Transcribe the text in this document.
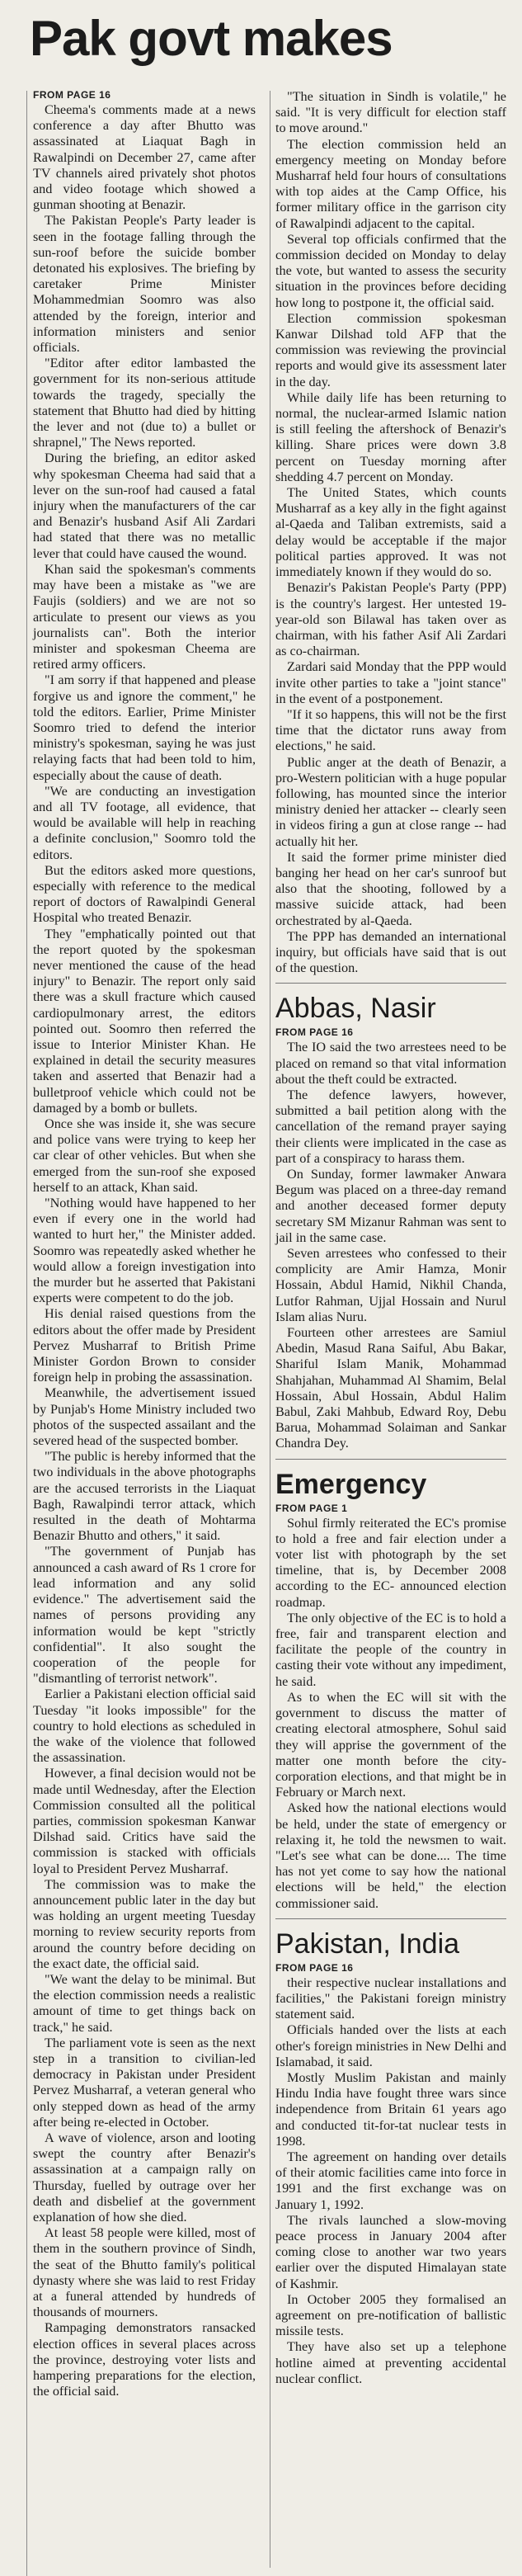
Pak govt makes
FROM PAGE 16

Cheema's comments made at a news conference a day after Bhutto was assassinated at Liaquat Bagh in Rawalpindi on December 27, came after TV channels aired privately shot photos and video footage which showed a gunman shooting at Benazir.

The Pakistan People's Party leader is seen in the footage falling through the sun-roof before the suicide bomber detonated his explosives. The briefing by caretaker Prime Minister Mohammedmian Soomro was also attended by the foreign, interior and information ministers and senior officials.

"Editor after editor lambasted the government for its non-serious attitude towards the tragedy, specially the statement that Bhutto had died by hitting the lever and not (due to) a bullet or shrapnel," The News reported.

During the briefing, an editor asked why spokesman Cheema had said that a lever on the sun-roof had caused a fatal injury when the manufacturers of the car and Benazir's husband Asif Ali Zardari had stated that there was no metallic lever that could have caused the wound.

Khan said the spokesman's comments may have been a mistake as "we are Faujis (soldiers) and we are not so articulate to present our views as you journalists can". Both the interior minister and spokesman Cheema are retired army officers.

"I am sorry if that happened and please forgive us and ignore the comment," he told the editors. Earlier, Prime Minister Soomro tried to defend the interior ministry's spokesman, saying he was just relaying facts that had been told to him, especially about the cause of death.

"We are conducting an investigation and all TV footage, all evidence, that would be available will help in reaching a definite conclusion," Soomro told the editors.

But the editors asked more questions, especially with reference to the medical report of doctors of Rawalpindi General Hospital who treated Benazir.

They "emphatically pointed out that the report quoted by the spokesman never mentioned the cause of the head injury" to Benazir. The report only said there was a skull fracture which caused cardiopulmonary arrest, the editors pointed out. Soomro then referred the issue to Interior Minister Khan. He explained in detail the security measures taken and asserted that Benazir had a bulletproof vehicle which could not be damaged by a bomb or bullets.

Once she was inside it, she was secure and police vans were trying to keep her car clear of other vehicles. But when she emerged from the sun-roof she exposed herself to an attack, Khan said.

"Nothing would have happened to her even if every one in the world had wanted to hurt her," the Minister added. Soomro was repeatedly asked whether he would allow a foreign investigation into the murder but he asserted that Pakistani experts were competent to do the job.

His denial raised questions from the editors about the offer made by President Pervez Musharraf to British Prime Minister Gordon Brown to consider foreign help in probing the assassination.

Meanwhile, the advertisement issued by Punjab's Home Ministry included two photos of the suspected assailant and the severed head of the suspected bomber.

"The public is hereby informed that the two individuals in the above photographs are the accused terrorists in the Liaquat Bagh, Rawalpindi terror attack, which resulted in the death of Mohtarma Benazir Bhutto and others," it said.

"The government of Punjab has announced a cash award of Rs 1 crore for lead information and any solid evidence." The advertisement said the names of persons providing any information would be kept "strictly confidential". It also sought the cooperation of the people for "dismantling of terrorist network".

Earlier a Pakistani election official said Tuesday "it looks impossible" for the country to hold elections as scheduled in the wake of the violence that followed the assassination.

However, a final decision would not be made until Wednesday, after the Election Commission consulted all the political parties, commission spokesman Kanwar Dilshad said. Critics have said the commission is stacked with officials loyal to President Pervez Musharraf.

The commission was to make the announcement public later in the day but was holding an urgent meeting Tuesday morning to review security reports from around the country before deciding on the exact date, the official said.

"We want the delay to be minimal. But the election commission needs a realistic amount of time to get things back on track," he said.

The parliament vote is seen as the next step in a transition to civilian-led democracy in Pakistan under President Pervez Musharraf, a veteran general who only stepped down as head of the army after being re-elected in October.

A wave of violence, arson and looting swept the country after Benazir's assassination at a campaign rally on Thursday, fuelled by outrage over her death and disbelief at the government explanation of how she died.

At least 58 people were killed, most of them in the southern province of Sindh, the seat of the Bhutto family's political dynasty where she was laid to rest Friday at a funeral attended by hundreds of thousands of mourners.

Rampaging demonstrators ransacked election offices in several places across the province, destroying voter lists and hampering preparations for the election, the official said.

"The situation in Sindh is volatile," he said. "It is very difficult for election staff to move around."

The election commission held an emergency meeting on Monday before Musharraf held four hours of consultations with top aides at the Camp Office, his former military office in the garrison city of Rawalpindi adjacent to the capital.

Several top officials confirmed that the commission decided on Monday to delay the vote, but wanted to assess the security situation in the provinces before deciding how long to postpone it, the official said.

Election commission spokesman Kanwar Dilshad told AFP that the commission was reviewing the provincial reports and would give its assessment later in the day.

While daily life has been returning to normal, the nuclear-armed Islamic nation is still feeling the aftershock of Benazir's killing. Share prices were down 3.8 percent on Tuesday morning after shedding 4.7 percent on Monday.

The United States, which counts Musharraf as a key ally in the fight against al-Qaeda and Taliban extremists, said a delay would be acceptable if the major political parties approved. It was not immediately known if they would do so.

Benazir's Pakistan People's Party (PPP) is the country's largest. Her untested 19-year-old son Bilawal has taken over as chairman, with his father Asif Ali Zardari as co-chairman.

Zardari said Monday that the PPP would invite other parties to take a "joint stance" in the event of a postponement.

"If it so happens, this will not be the first time that the dictator runs away from elections," he said.

Public anger at the death of Benazir, a pro-Western politician with a huge popular following, has mounted since the interior ministry denied her attacker -- clearly seen in videos firing a gun at close range -- had actually hit her.

It said the former prime minister died banging her head on her car's sunroof but also that the shooting, followed by a massive suicide attack, had been orchestrated by al-Qaeda.

The PPP has demanded an international inquiry, but officials have said that is out of the question.

Abbas, Nasir
FROM PAGE 16

The IO said the two arrestees need to be placed on remand so that vital information about the theft could be extracted.

The defence lawyers, however, submitted a bail petition along with the cancellation of the remand prayer saying their clients were implicated in the case as part of a conspiracy to harass them.

On Sunday, former lawmaker Anwara Begum was placed on a three-day remand and another deceased former deputy secretary SM Mizanur Rahman was sent to jail in the same case.

Seven arrestees who confessed to their complicity are Amir Hamza, Monir Hossain, Abdul Hamid, Nikhil Chanda, Lutfor Rahman, Ujjal Hossain and Nurul Islam alias Nuru.

Fourteen other arrestees are Samiul Abedin, Masud Rana Saiful, Abu Bakar, Shariful Islam Manik, Mohammad Shahjahan, Muhammad Al Shamim, Belal Hossain, Abul Hossain, Abdul Halim Babul, Zaki Mahbub, Edward Roy, Debu Barua, Mohammad Solaiman and Sankar Chandra Dey.

Emergency
FROM PAGE 1

Sohul firmly reiterated the EC's promise to hold a free and fair election under a voter list with photograph by the set timeline, that is, by December 2008 according to the EC- announced election roadmap.

The only objective of the EC is to hold a free, fair and transparent election and facilitate the people of the country in casting their vote without any impediment, he said.

As to when the EC will sit with the government to discuss the matter of creating electoral atmosphere, Sohul said they will apprise the government of the matter one month before the city-corporation elections, and that might be in February or March next.

Asked how the national elections would be held, under the state of emergency or relaxing it, he told the newsmen to wait. "Let's see what can be done.... The time has not yet come to say how the national elections will be held," the election commissioner said.

Pakistan, India
FROM PAGE 16

their respective nuclear installations and facilities," the Pakistani foreign ministry statement said.

Officials handed over the lists at each other's foreign ministries in New Delhi and Islamabad, it said.

Mostly Muslim Pakistan and mainly Hindu India have fought three wars since independence from Britain 61 years ago and conducted tit-for-tat nuclear tests in 1998.

The agreement on handing over details of their atomic facilities came into force in 1991 and the first exchange was on January 1, 1992.

The rivals launched a slow-moving peace process in January 2004 after coming close to another war two years earlier over the disputed Himalayan state of Kashmir.

In October 2005 they formalised an agreement on pre-notification of ballistic missile tests.

They have also set up a telephone hotline aimed at preventing accidental nuclear conflict.
